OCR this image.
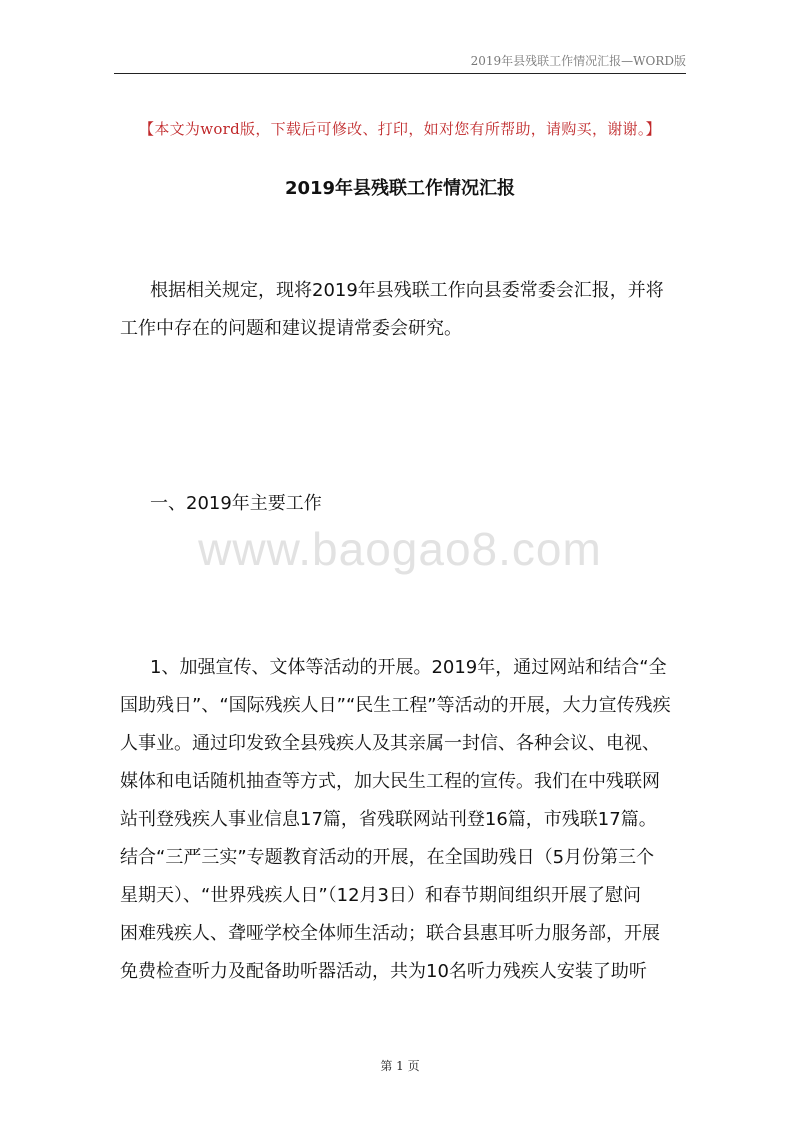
2019年县残联工作情况汇报—WORD版
【本文为word版，下载后可修改、打印，如对您有所帮助，请购买，谢谢。】
2019年县残联工作情况汇报

根据相关规定，现将2019年县残联工作向县委常委会汇报，并将
工作中存在的问题和建议提请常委会研究。

一、2019年主要工作

www.baogao8.com

1、加强宣传、文体等活动的开展。2019年，通过网站和结合“全
国助残日”、“国际残疾人日”“民生工程”等活动的开展，大力宣传残疾
人事业。通过印发致全县残疾人及其亲属一封信、各种会议、电视、
媒体和电话随机抽查等方式，加大民生工程的宣传。我们在中残联网
站刊登残疾人事业信息17篇，省残联网站刊登16篇，市残联17篇。
结合“三严三实”专题教育活动的开展，在全国助残日（5月份第三个
星期天）、“世界残疾人日”（12月3日）和春节期间组织开展了慰问
困难残疾人、聋哑学校全体师生活动；联合县惠耳听力服务部，开展
免费检查听力及配备助听器活动，共为10名听力残疾人安装了助听

第 1 页
